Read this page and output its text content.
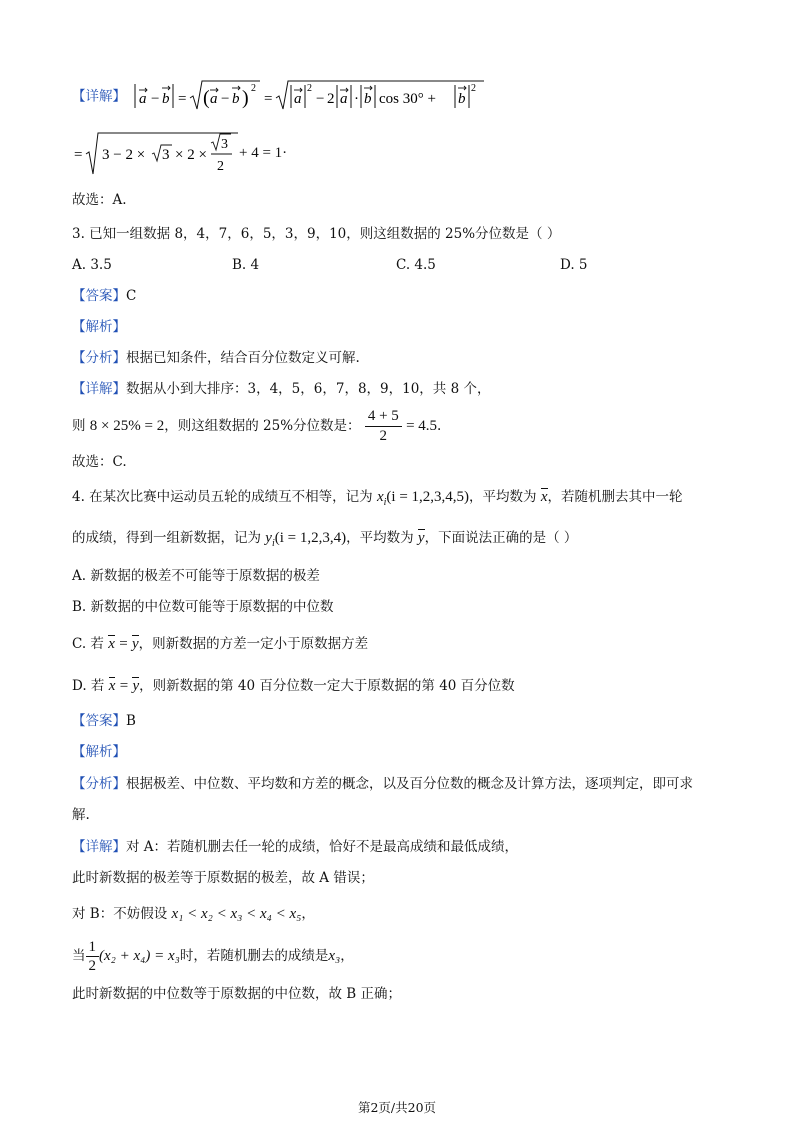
【详解】 a − b = ( a − b ) 2
= a
2
− 2 a · b cos 30° + b
2
= 3 − 2 × 3 × 2 ×
3
2
+ 4 = 1·
故选：A.
3. 已知一组数据 8，4，7，6，5，3，9，10，则这组数据的 25%分位数是（ ）
A. 3.5	B. 4	C. 4.5	D. 5
【答案】C
【解析】
【分析】根据已知条件，结合百分位数定义可解.
【详解】数据从小到大排序：3，4，5，6，7，8，9，10，共 8 个，
则 8 × 25% = 2，则这组数据的 25%分位数是： $\frac{4 + 5}{2} = 4.5$.
故选：C.
4. 在某次比赛中运动员五轮的成绩互不相等，记为 $x_i(i = 1,2,3,4,5)$，平均数为 x，若随机删去其中一轮
的成绩，得到一组新数据，记为 $y_i(i = 1,2,3,4)$，平均数为 y，下面说法正确的是（ ）
A. 新数据的极差不可能等于原数据的极差
B. 新数据的中位数可能等于原数据的中位数
C. 若 x = y，则新数据的方差一定小于原数据方差
D. 若 x = y，则新数据的第 40 百分位数一定大于原数据的第 40 百分位数
【答案】B
【解析】
【分析】根据极差、中位数、平均数和方差的概念，以及百分位数的概念及计算方法，逐项判定，即可求
解.
【详解】对 A：若随机删去任一轮的成绩，恰好不是最高成绩和最低成绩，
此时新数据的极差等于原数据的极差，故 A 错误；
对 B：不妨假设 x₁ < x₂ < x₃ < x₄ < x₅，
当 $\frac{1}{2} (x_2 + x_4) = x_3$时，若随机删去的成绩是x₃，
此时新数据的中位数等于原数据的中位数，故 B 正确；
第2页/共20页
